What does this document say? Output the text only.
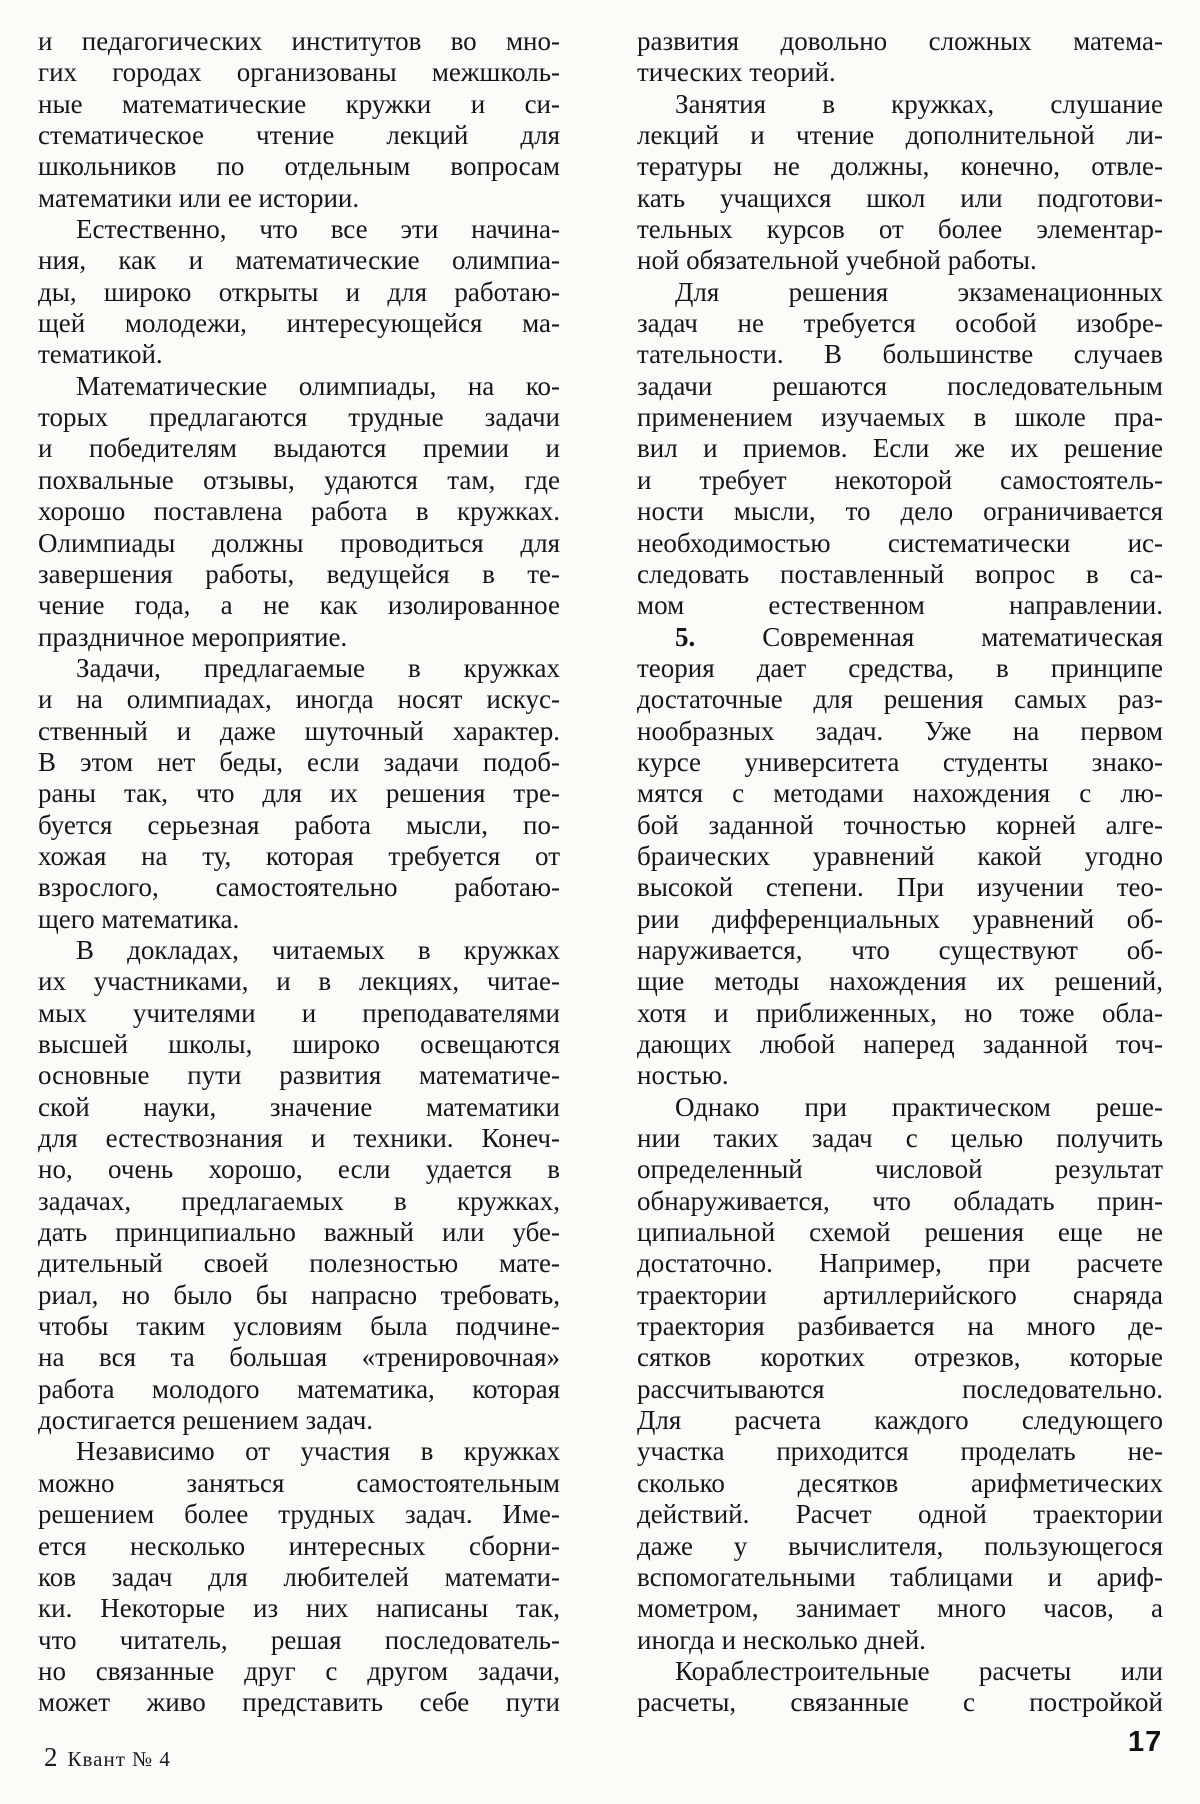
и педагогических институтов во мно-
гих городах организованы межшколь-
ные математические кружки и си-
стематическое чтение лекций для
школьников по отдельным вопросам
математики или ее истории.
Естественно, что все эти начина-
ния, как и математические олимпиа-
ды, широко открыты и для работаю-
щей молодежи, интересующейся ма-
тематикой.
Математические олимпиады, на ко-
торых предлагаются трудные задачи
и победителям выдаются премии и
похвальные отзывы, удаются там, где
хорошо поставлена работа в кружках.
Олимпиады должны проводиться для
завершения работы, ведущейся в те-
чение года, а не как изолированное
праздничное мероприятие.
Задачи, предлагаемые в кружках
и на олимпиадах, иногда носят искус-
ственный и даже шуточный характер.
В этом нет беды, если задачи подоб-
раны так, что для их решения тре-
буется серьезная работа мысли, по-
хожая на ту, которая требуется от
взрослого, самостоятельно работаю-
щего математика.
В докладах, читаемых в кружках
их участниками, и в лекциях, читае-
мых учителями и преподавателями
высшей школы, широко освещаются
основные пути развития математиче-
ской науки, значение математики
для естествознания и техники. Конеч-
но, очень хорошо, если удается в
задачах, предлагаемых в кружках,
дать принципиально важный или убе-
дительный своей полезностью мате-
риал, но было бы напрасно требовать,
чтобы таким условиям была подчине-
на вся та большая «тренировочная»
работа молодого математика, которая
достигается решением задач.
Независимо от участия в кружках
можно заняться самостоятельным
решением более трудных задач. Име-
ется несколько интересных сборни-
ков задач для любителей математи-
ки. Некоторые из них написаны так,
что читатель, решая последователь-
но связанные друг с другом задачи,
может живо представить себе пути
развития довольно сложных матема-
тических теорий.
Занятия в кружках, слушание
лекций и чтение дополнительной ли-
тературы не должны, конечно, отвле-
кать учащихся школ или подготови-
тельных курсов от более элементар-
ной обязательной учебной работы.
Для решения экзаменационных
задач не требуется особой изобре-
тательности. В большинстве случаев
задачи решаются последовательным
применением изучаемых в школе пра-
вил и приемов. Если же их решение
и требует некоторой самостоятель-
ности мысли, то дело ограничивается
необходимостью систематически ис-
следовать поставленный вопрос в са-
мом естественном направлении.
5. Современная математическая
теория дает средства, в принципе
достаточные для решения самых раз-
нообразных задач. Уже на первом
курсе университета студенты знако-
мятся с методами нахождения с лю-
бой заданной точностью корней алге-
браических уравнений какой угодно
высокой степени. При изучении тео-
рии дифференциальных уравнений об-
наруживается, что существуют об-
щие методы нахождения их решений,
хотя и приближенных, но тоже обла-
дающих любой наперед заданной точ-
ностью.
Однако при практическом реше-
нии таких задач с целью получить
определенный числовой результат
обнаруживается, что обладать прин-
ципиальной схемой решения еще не
достаточно. Например, при расчете
траектории артиллерийского снаряда
траектория разбивается на много де-
сятков коротких отрезков, которые
рассчитываются последовательно.
Для расчета каждого следующего
участка приходится проделать не-
сколько десятков арифметических
действий. Расчет одной траектории
даже у вычислителя, пользующегося
вспомогательными таблицами и ариф-
мометром, занимает много часов, а
иногда и несколько дней.
Кораблестроительные расчеты или
расчеты, связанные с постройкой
2 Квант № 4
17
